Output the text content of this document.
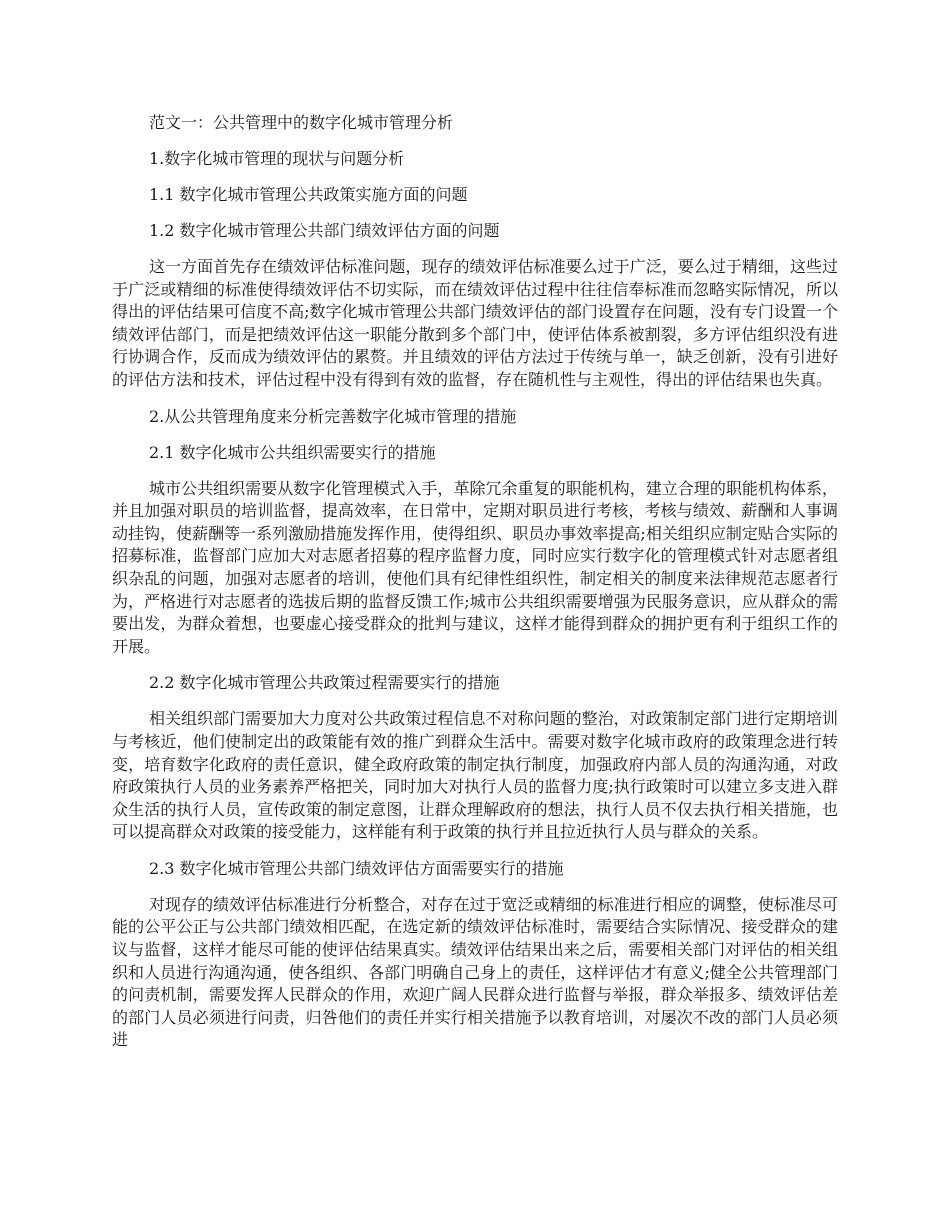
范文一：公共管理中的数字化城市管理分析
1.数字化城市管理的现状与问题分析
1.1 数字化城市管理公共政策实施方面的问题
1.2 数字化城市管理公共部门绩效评估方面的问题

这一方面首先存在绩效评估标准问题，现存的绩效评估标准要么过于广泛，要么过于精细，这些过于广泛或精细的标准使得绩效评估不切实际，而在绩效评估过程中往往信奉标准而忽略实际情况，所以得出的评估结果可信度不高;数字化城市管理公共部门绩效评估的部门设置存在问题，没有专门设置一个绩效评估部门，而是把绩效评估这一职能分散到多个部门中，使评估体系被割裂，多方评估组织没有进行协调合作，反而成为绩效评估的累赘。并且绩效的评估方法过于传统与单一，缺乏创新，没有引进好的评估方法和技术，评估过程中没有得到有效的监督，存在随机性与主观性，得出的评估结果也失真。

2.从公共管理角度来分析完善数字化城市管理的措施
2.1 数字化城市公共组织需要实行的措施

城市公共组织需要从数字化管理模式入手，革除冗余重复的职能机构，建立合理的职能机构体系，并且加强对职员的培训监督，提高效率，在日常中，定期对职员进行考核，考核与绩效、薪酬和人事调动挂钩，使薪酬等一系列激励措施发挥作用，使得组织、职员办事效率提高;相关组织应制定贴合实际的招募标准，监督部门应加大对志愿者招募的程序监督力度，同时应实行数字化的管理模式针对志愿者组织杂乱的问题，加强对志愿者的培训，使他们具有纪律性组织性，制定相关的制度来法律规范志愿者行为，严格进行对志愿者的选拔后期的监督反馈工作;城市公共组织需要增强为民服务意识，应从群众的需要出发，为群众着想，也要虚心接受群众的批判与建议，这样才能得到群众的拥护更有利于组织工作的开展。

2.2 数字化城市管理公共政策过程需要实行的措施

相关组织部门需要加大力度对公共政策过程信息不对称问题的整治，对政策制定部门进行定期培训与考核近，他们使制定出的政策能有效的推广到群众生活中。需要对数字化城市政府的政策理念进行转变，培育数字化政府的责任意识，健全政府政策的制定执行制度，加强政府内部人员的沟通沟通，对政府政策执行人员的业务素养严格把关，同时加大对执行人员的监督力度;执行政策时可以建立多支进入群众生活的执行人员，宣传政策的制定意图，让群众理解政府的想法，执行人员不仅去执行相关措施，也可以提高群众对政策的接受能力，这样能有利于政策的执行并且拉近执行人员与群众的关系。

2.3 数字化城市管理公共部门绩效评估方面需要实行的措施

对现存的绩效评估标准进行分析整合，对存在过于宽泛或精细的标准进行相应的调整，使标准尽可能的公平公正与公共部门绩效相匹配，在选定新的绩效评估标准时，需要结合实际情况、接受群众的建议与监督，这样才能尽可能的使评估结果真实。绩效评估结果出来之后，需要相关部门对评估的相关组织和人员进行沟通沟通，使各组织、各部门明确自己身上的责任，这样评估才有意义;健全公共管理部门的问责机制，需要发挥人民群众的作用，欢迎广阔人民群众进行监督与举报，群众举报多、绩效评估差的部门人员必须进行问责，归咎他们的责任并实行相关措施予以教育培训，对屡次不改的部门人员必须进
